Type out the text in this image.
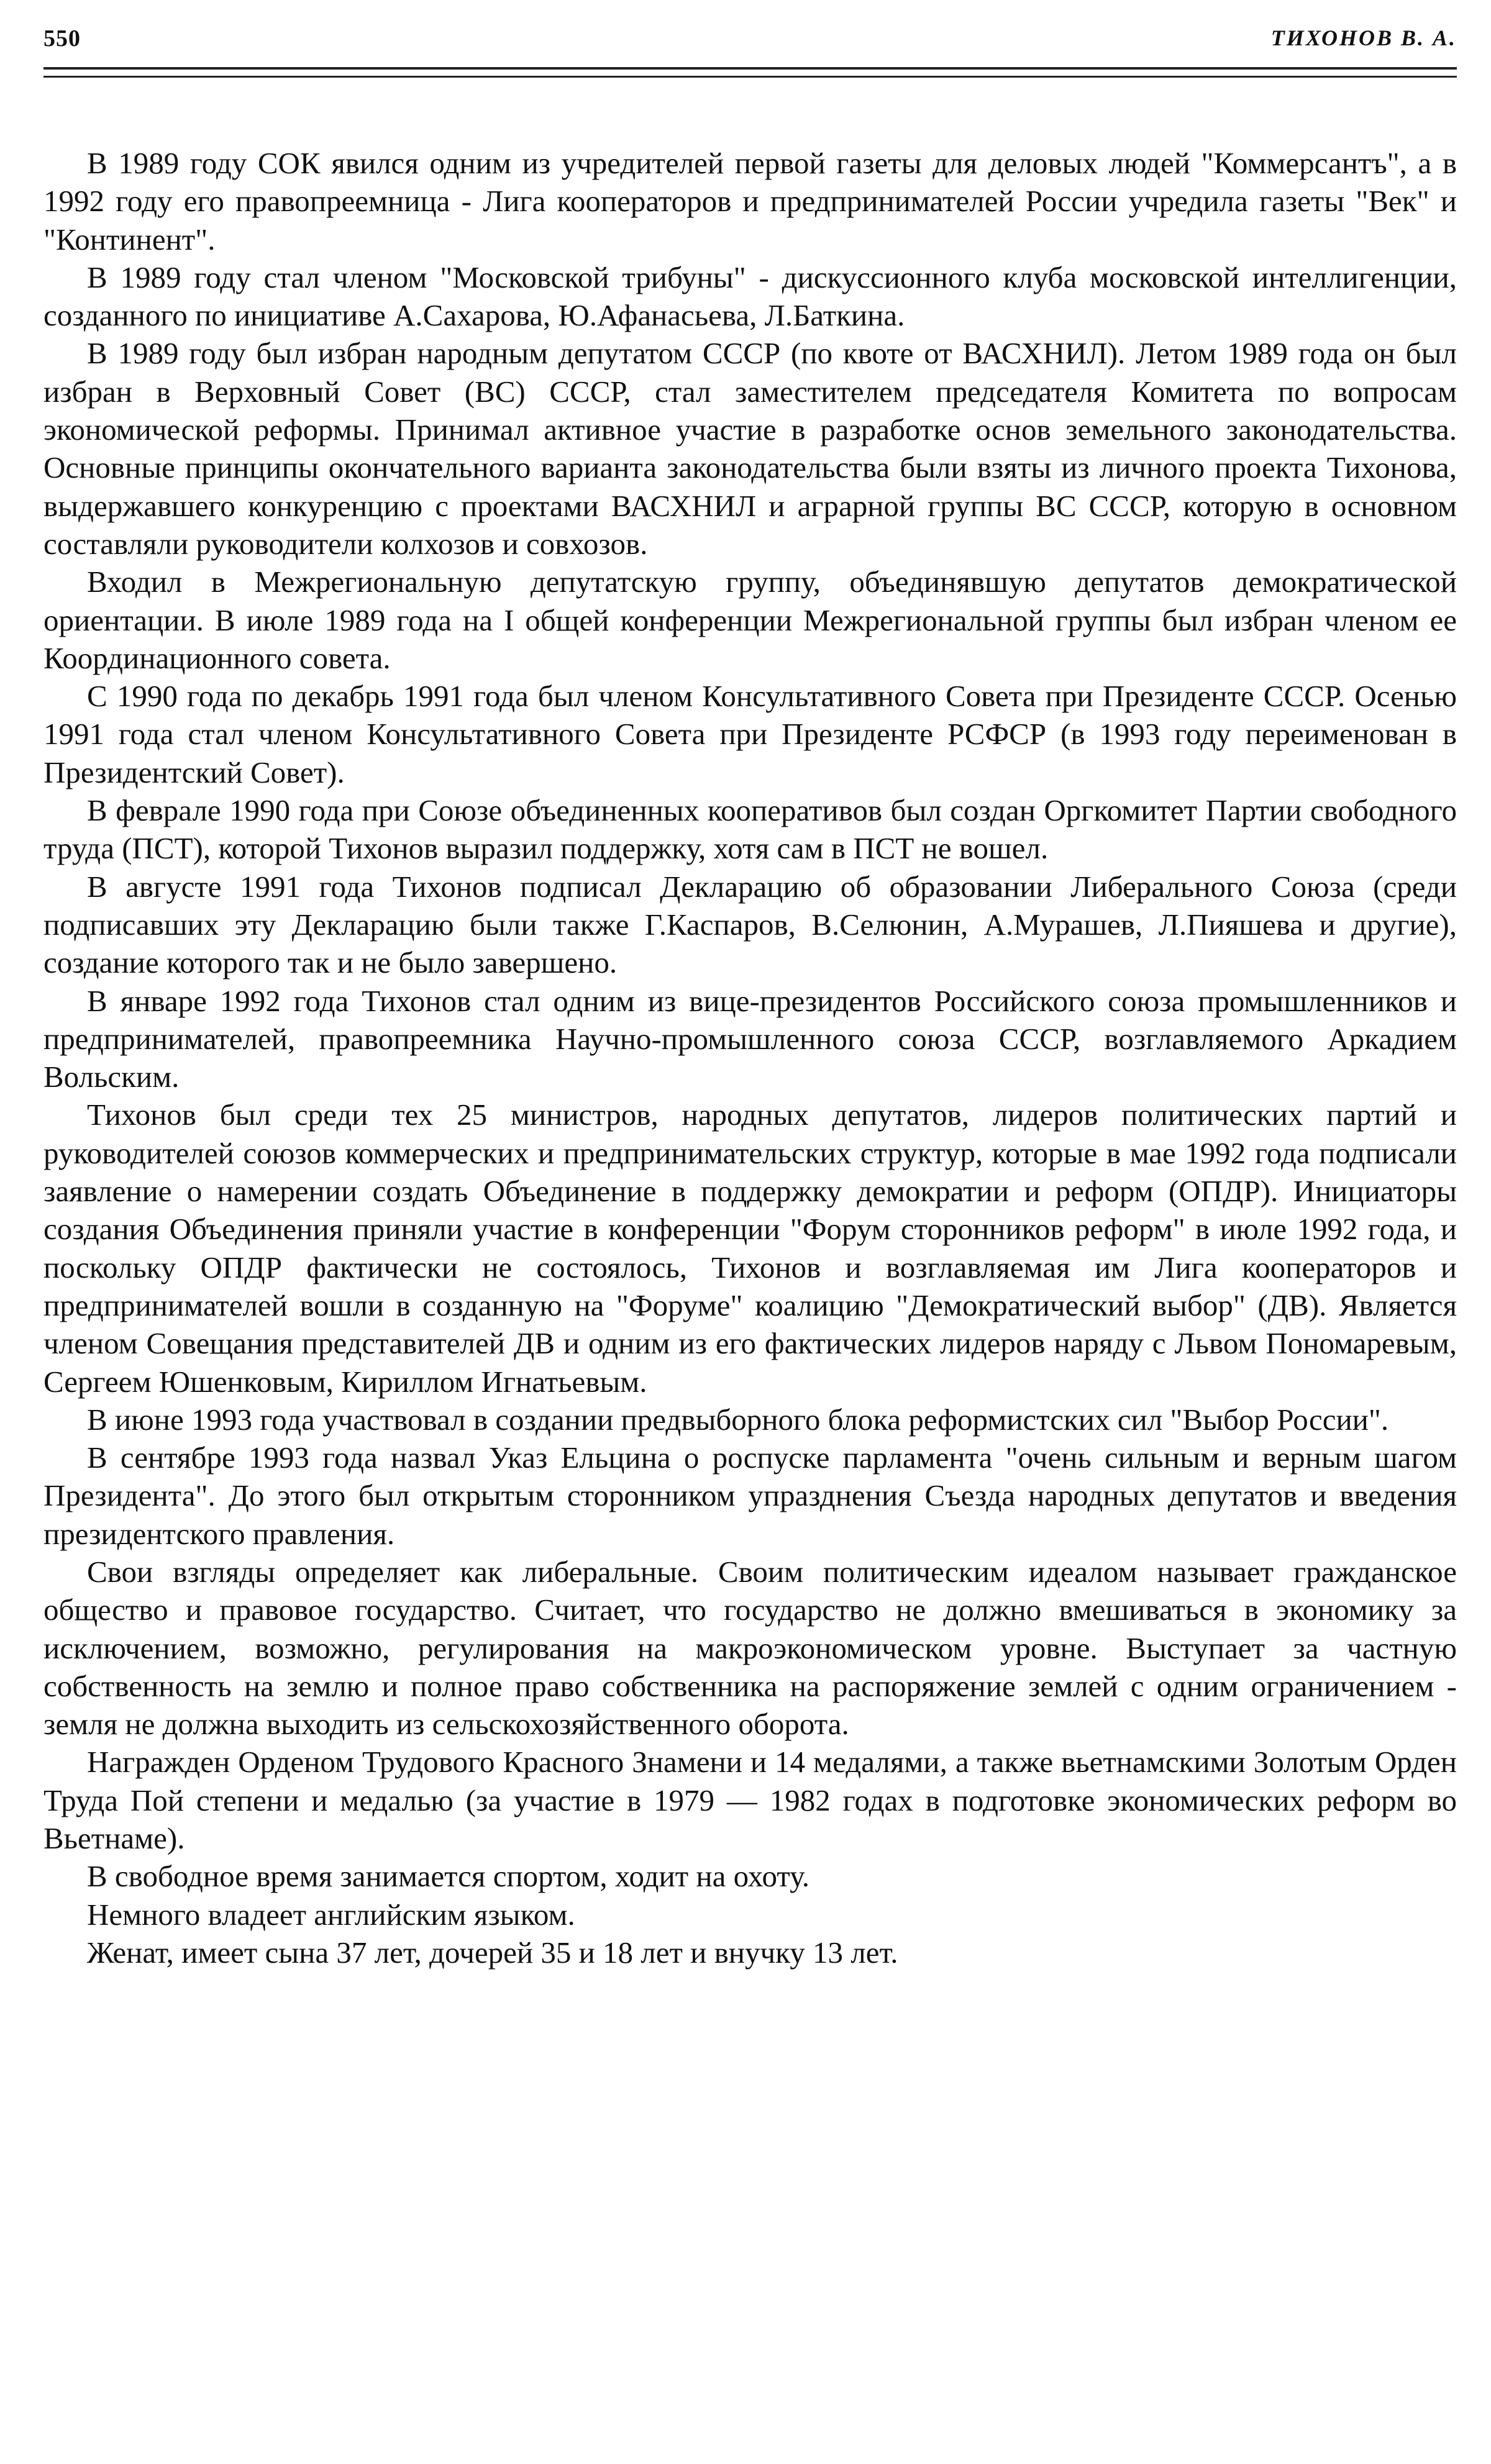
550	ТИХОНОВ В. А.

В 1989 году СОК явился одним из учредителей первой газеты для деловых людей "Коммерсантъ", а в 1992 году его правопреемница - Лига кооператоров и предпринимателей России учредила газеты "Век" и "Континент".

В 1989 году стал членом "Московской трибуны" - дискуссионного клуба московской интеллигенции, созданного по инициативе А.Сахарова, Ю.Афанасьева, Л.Баткина.

В 1989 году был избран народным депутатом СССР (по квоте от ВАСХНИЛ). Летом 1989 года он был избран в Верховный Совет (ВС) СССР, стал заместителем председателя Комитета по вопросам экономической реформы. Принимал активное участие в разработке основ земельного законодательства. Основные принципы окончательного варианта законодательства были взяты из личного проекта Тихонова, выдержавшего конкуренцию с проектами ВАСХНИЛ и аграрной группы ВС СССР, которую в основном составляли руководители колхозов и совхозов.

Входил в Межрегиональную депутатскую группу, объединявшую депутатов демократической ориентации. В июле 1989 года на I общей конференции Межрегиональной группы был избран членом ее Координационного совета.

С 1990 года по декабрь 1991 года был членом Консультативного Совета при Президенте СССР. Осенью 1991 года стал членом Консультативного Совета при Президенте РСФСР (в 1993 году переименован в Президентский Совет).

В феврале 1990 года при Союзе объединенных кооперативов был создан Оргкомитет Партии свободного труда (ПСТ), которой Тихонов выразил поддержку, хотя сам в ПСТ не вошел.

В августе 1991 года Тихонов подписал Декларацию об образовании Либерального Союза (среди подписавших эту Декларацию были также Г.Каспаров, В.Селюнин, А.Мурашев, Л.Пияшева и другие), создание которого так и не было завершено.

В январе 1992 года Тихонов стал одним из вице-президентов Российского союза промышленников и предпринимателей, правопреемника Научно-промышленного союза СССР, возглавляемого Аркадием Вольским.

Тихонов был среди тех 25 министров, народных депутатов, лидеров политических партий и руководителей союзов коммерческих и предпринимательских структур, которые в мае 1992 года подписали заявление о намерении создать Объединение в поддержку демократии и реформ (ОПДР). Инициаторы создания Объединения приняли участие в конференции "Форум сторонников реформ" в июле 1992 года, и поскольку ОПДР фактически не состоялось, Тихонов и возглавляемая им Лига кооператоров и предпринимателей вошли в созданную на "Форуме" коалицию "Демократический выбор" (ДВ). Является членом Совещания представителей ДВ и одним из его фактических лидеров наряду с Львом Пономаревым, Сергеем Юшенковым, Кириллом Игнатьевым.

В июне 1993 года участвовал в создании предвыборного блока реформистских сил "Выбор России".

В сентябре 1993 года назвал Указ Ельцина о роспуске парламента "очень сильным и верным шагом Президента". До этого был открытым сторонником упразднения Съезда народных депутатов и введения президентского правления.

Свои взгляды определяет как либеральные. Своим политическим идеалом называет гражданское общество и правовое государство. Считает, что государство не должно вмешиваться в экономику за исключением, возможно, регулирования на макроэкономическом уровне. Выступает за частную собственность на землю и полное право собственника на распоряжение землей с одним ограничением - земля не должна выходить из сельскохозяйственного оборота.

Награжден Орденом Трудового Красного Знамени и 14 медалями, а также вьетнамскими Золотым Орден Труда Пой степени и медалью (за участие в 1979 — 1982 годах в подготовке экономических реформ во Вьетнаме).

В свободное время занимается спортом, ходит на охоту.

Немного владеет английским языком.

Женат, имеет сына 37 лет, дочерей 35 и 18 лет и внучку 13 лет.
